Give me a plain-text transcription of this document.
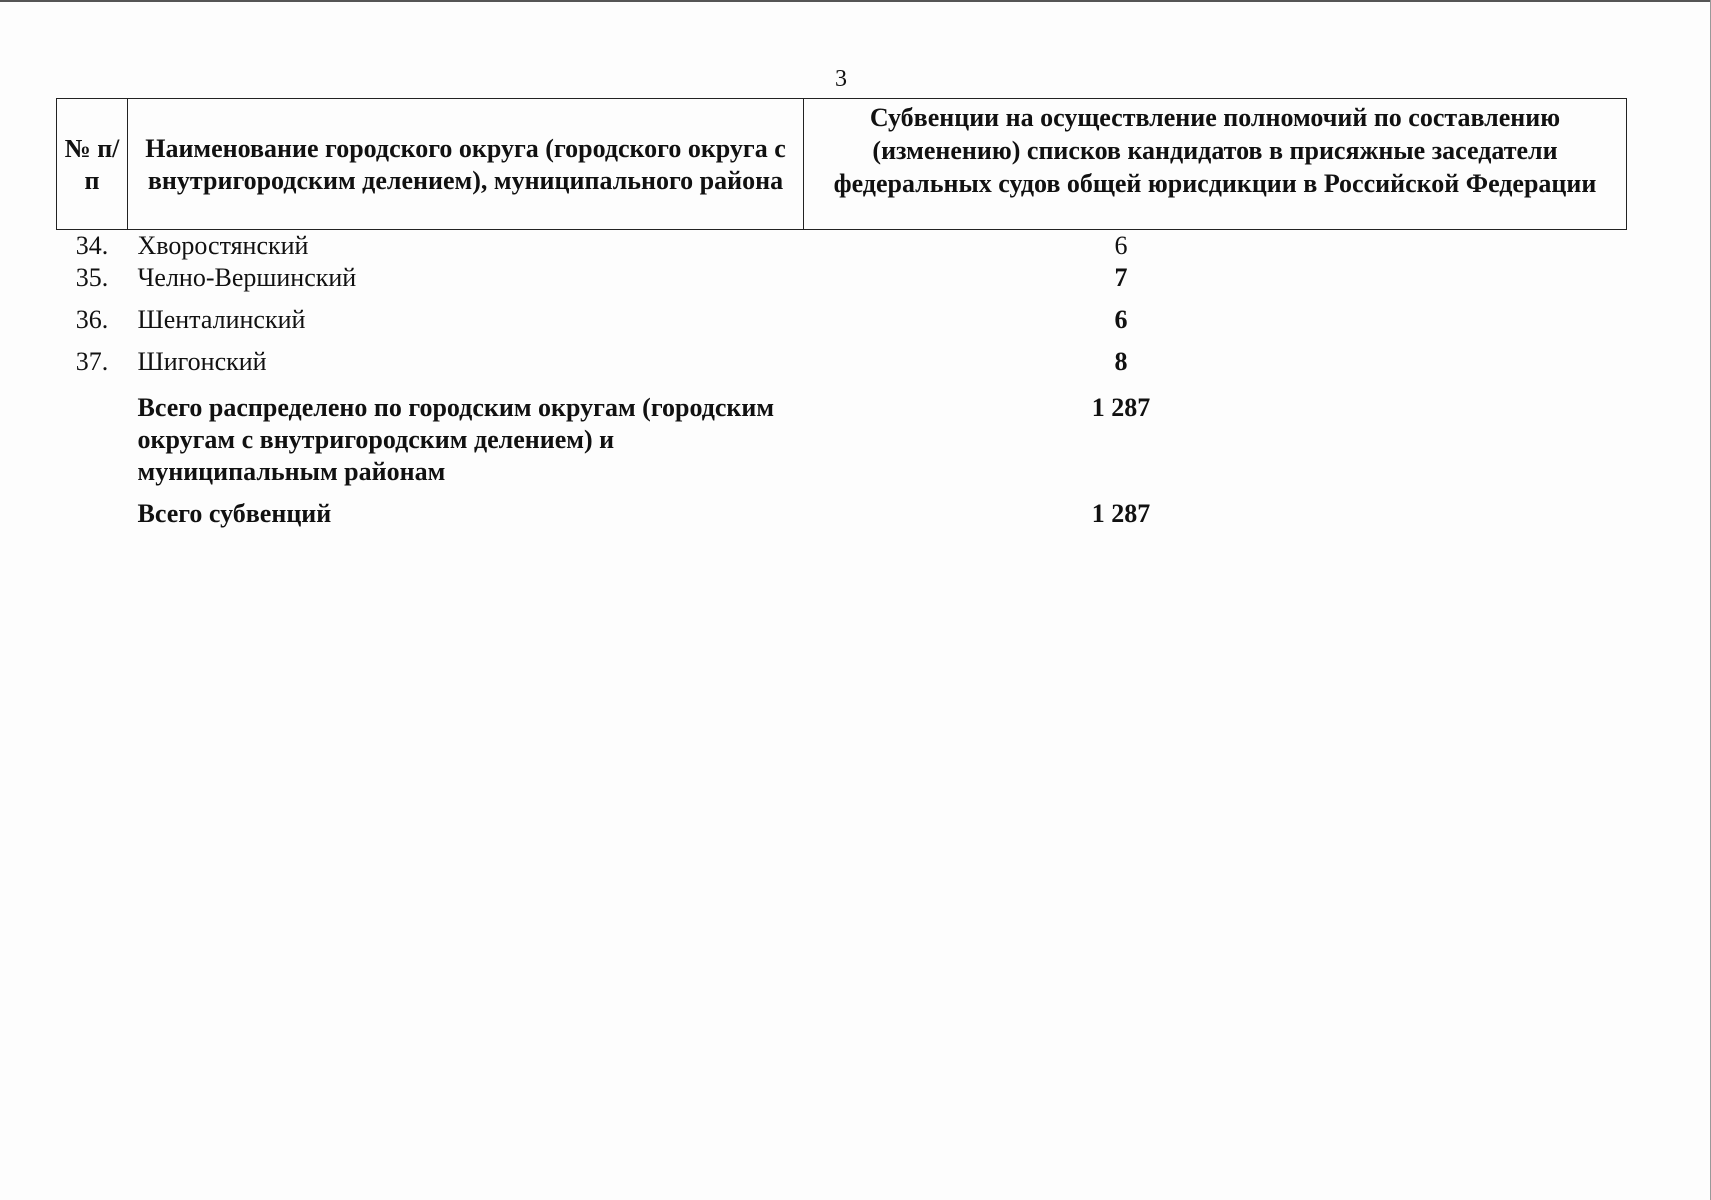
3
№ п/п	Наименование городского округа (городского округа с внутригородским делением), муниципального района	Субвенции на осуществление полномочий по составлению (изменению) списков кандидатов в присяжные заседатели федеральных судов общей юрисдикции в Российской Федерации
34.	Хворостянский	6
35.	Челно-Вершинский	7
36.	Шенталинский	6
37.	Шигонский	8
	Всего распределено по городским округам (городским округам с внутригородским делением) и муниципальным районам	1 287
	Всего субвенций	1 287
